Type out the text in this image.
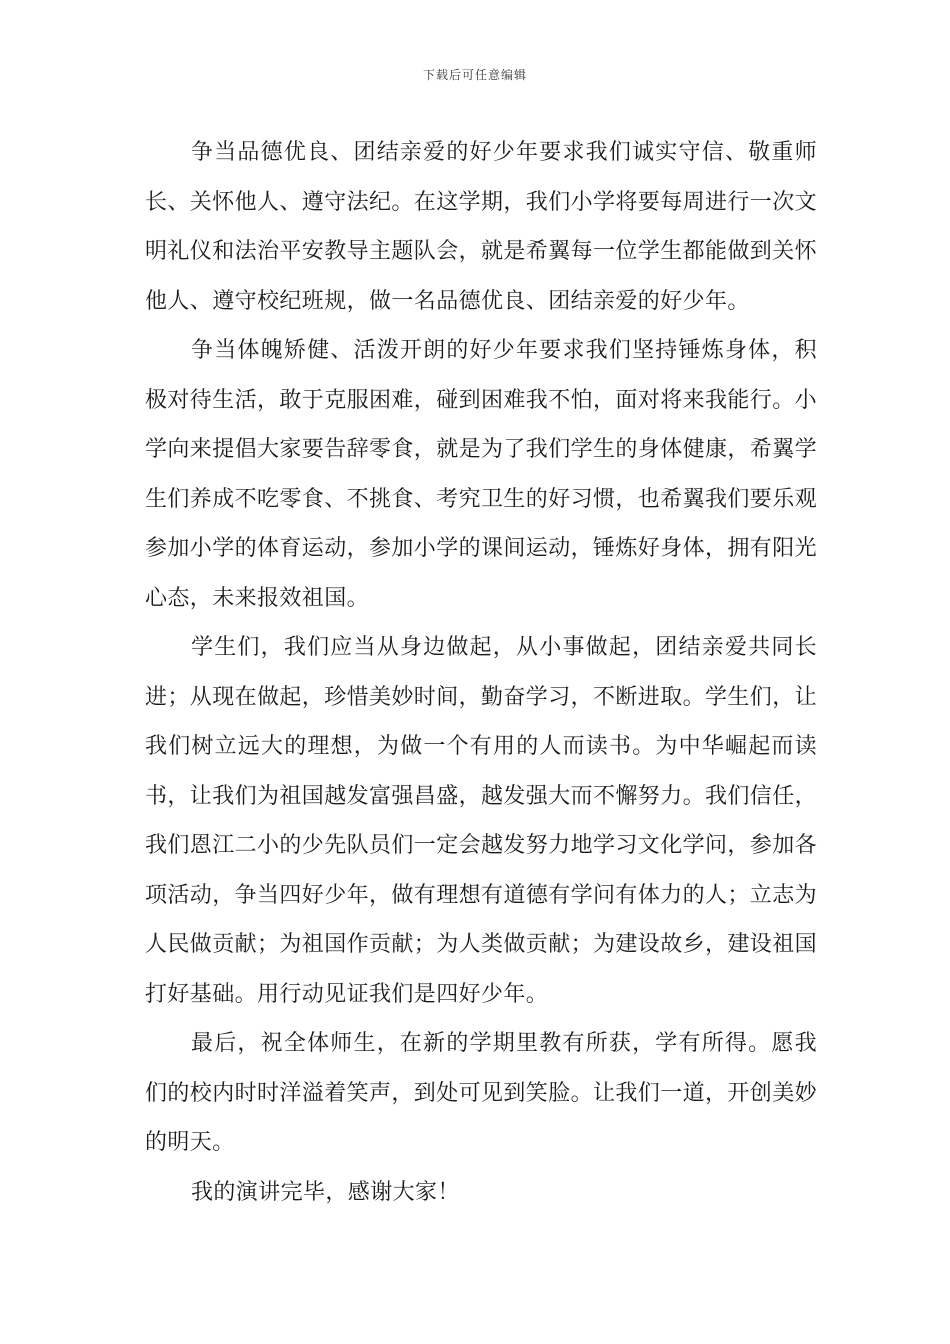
下载后可任意编辑

争当品德优良、团结亲爱的好少年要求我们诚实守信、敬重师长、关怀他人、遵守法纪。在这学期，我们小学将要每周进行一次文明礼仪和法治平安教导主题队会，就是希翼每一位学生都能做到关怀他人、遵守校纪班规，做一名品德优良、团结亲爱的好少年。

争当体魄矫健、活泼开朗的好少年要求我们坚持锤炼身体，积极对待生活，敢于克服困难，碰到困难我不怕，面对将来我能行。小学向来提倡大家要告辞零食，就是为了我们学生的身体健康，希翼学生们养成不吃零食、不挑食、考究卫生的好习惯，也希翼我们要乐观参加小学的体育运动，参加小学的课间运动，锤炼好身体，拥有阳光心态，未来报效祖国。

学生们，我们应当从身边做起，从小事做起，团结亲爱共同长进；从现在做起，珍惜美妙时间，勤奋学习，不断进取。学生们，让我们树立远大的理想，为做一个有用的人而读书。为中华崛起而读书，让我们为祖国越发富强昌盛，越发强大而不懈努力。我们信任，我们恩江二小的少先队员们一定会越发努力地学习文化学问，参加各项活动，争当四好少年，做有理想有道德有学问有体力的人；立志为人民做贡献；为祖国作贡献；为人类做贡献；为建设故乡，建设祖国打好基础。用行动见证我们是四好少年。

最后，祝全体师生，在新的学期里教有所获，学有所得。愿我们的校内时时洋溢着笑声，到处可见到笑脸。让我们一道，开创美妙的明天。

我的演讲完毕，感谢大家！
